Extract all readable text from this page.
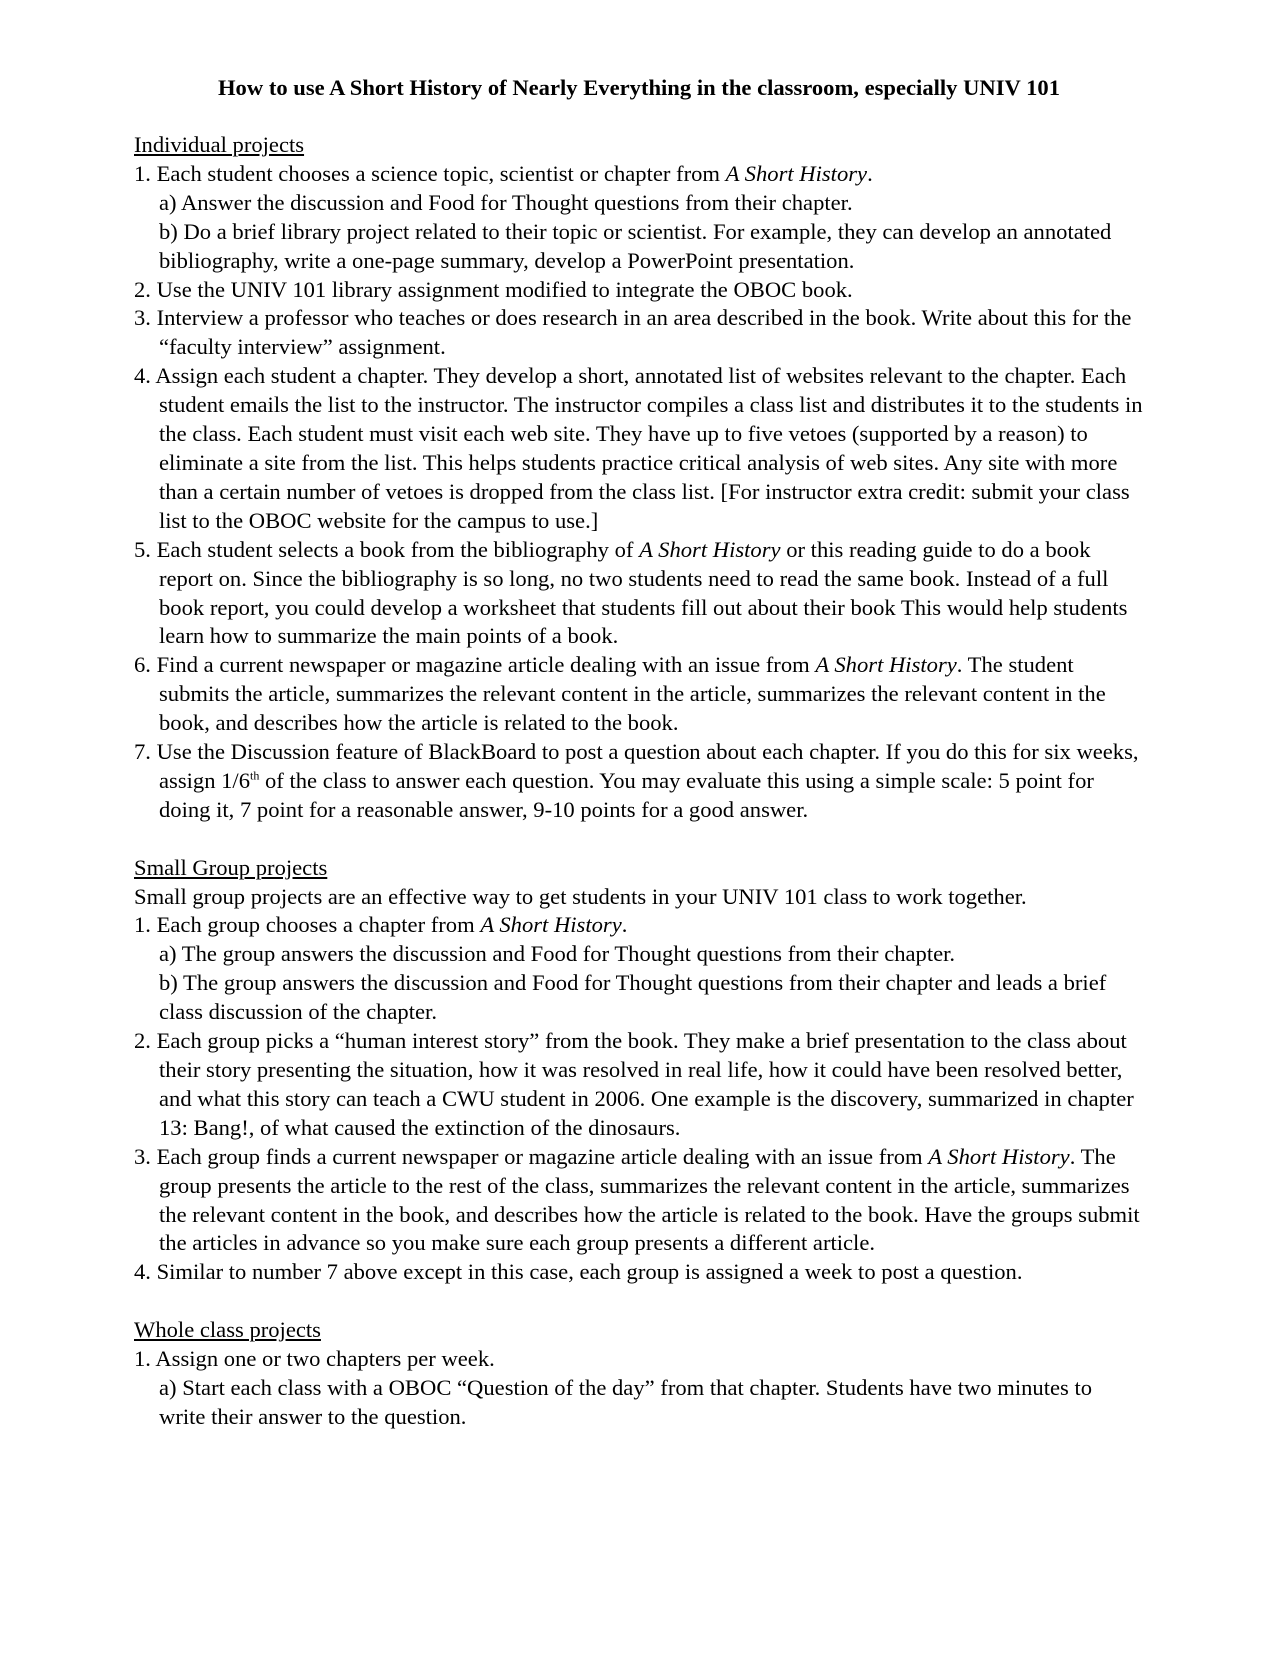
How to use A Short History of Nearly Everything in the classroom, especially UNIV 101

Individual projects

1. Each student chooses a science topic, scientist or chapter from A Short History.

a) Answer the discussion and Food for Thought questions from their chapter.

b) Do a brief library project related to their topic or scientist. For example, they can develop an annotated bibliography, write a one-page summary, develop a PowerPoint presentation.

2. Use the UNIV 101 library assignment modified to integrate the OBOC book.

3. Interview a professor who teaches or does research in an area described in the book. Write about this for the “faculty interview” assignment.

4. Assign each student a chapter. They develop a short, annotated list of websites relevant to the chapter. Each student emails the list to the instructor. The instructor compiles a class list and distributes it to the students in the class. Each student must visit each web site. They have up to five vetoes (supported by a reason) to eliminate a site from the list. This helps students practice critical analysis of web sites. Any site with more than a certain number of vetoes is dropped from the class list. [For instructor extra credit: submit your class list to the OBOC website for the campus to use.]

5. Each student selects a book from the bibliography of A Short History or this reading guide to do a book report on. Since the bibliography is so long, no two students need to read the same book. Instead of a full book report, you could develop a worksheet that students fill out about their book This would help students learn how to summarize the main points of a book.

6. Find a current newspaper or magazine article dealing with an issue from A Short History. The student submits the article, summarizes the relevant content in the article, summarizes the relevant content in the book, and describes how the article is related to the book.

7. Use the Discussion feature of BlackBoard to post a question about each chapter. If you do this for six weeks, assign 1/6th of the class to answer each question. You may evaluate this using a simple scale: 5 point for doing it, 7 point for a reasonable answer, 9-10 points for a good answer.

Small Group projects

Small group projects are an effective way to get students in your UNIV 101 class to work together.

1. Each group chooses a chapter from A Short History.

a) The group answers the discussion and Food for Thought questions from their chapter.

b) The group answers the discussion and Food for Thought questions from their chapter and leads a brief class discussion of the chapter.

2. Each group picks a “human interest story” from the book. They make a brief presentation to the class about their story presenting the situation, how it was resolved in real life, how it could have been resolved better, and what this story can teach a CWU student in 2006. One example is the discovery, summarized in chapter 13: Bang!, of what caused the extinction of the dinosaurs.

3. Each group finds a current newspaper or magazine article dealing with an issue from A Short History. The group presents the article to the rest of the class, summarizes the relevant content in the article, summarizes the relevant content in the book, and describes how the article is related to the book. Have the groups submit the articles in advance so you make sure each group presents a different article.

4. Similar to number 7 above except in this case, each group is assigned a week to post a question.

Whole class projects

1. Assign one or two chapters per week.

a) Start each class with a OBOC “Question of the day” from that chapter. Students have two minutes to write their answer to the question.
